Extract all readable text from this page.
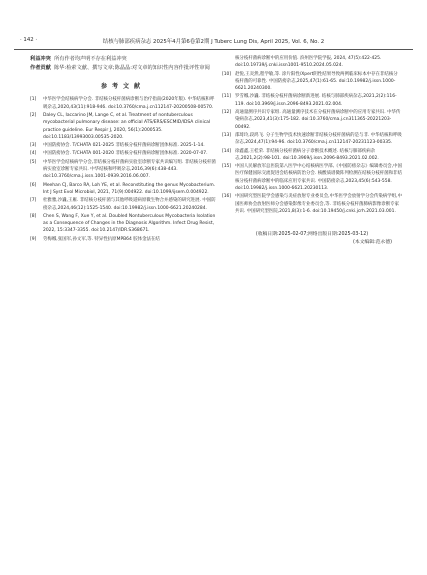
· 142 ·	结核与肺部疾病杂志 2025年4月第6卷第2期 J Tuberc Lung Dis, April 2025, Vol. 6, No. 2

利益冲突 所有作者均声明不存在利益冲突

作者贡献 陈华:检索文献、撰写文章;陈晶晶:对文章的知识性内容作批评性审阅

参考文献
[1] 中华医学会结核病学分会. 非结核分枝杆菌病诊断与治疗指南(2020年版). 中华结核和呼吸杂志,2020,43(11):918-946. doi:10.3760/cma.j.cn112147-20200508-00570.
[2] Daley CL, Iaccarino JM, Lange C, et al. Treatment of nontuberculous mycobacterial pulmonary disease: an official ATS/ERS/ESCMID/IDSA clinical practice guideline. Eur Respir J, 2020, 56(1):2000535. doi:10.1183/13993003.00535-2020.
[3] 中国防痨协会. T/CHATA 021-2025 非结核分枝杆菌病诊断团体标准. 2025-1-14.
[4] 中国防痨协会. T/CHATA 001-2020 非结核分枝杆菌病诊断团体标准. 2020-07-07.
[5] 中华医学会结核病学分会,非结核分枝杆菌病实验室诊断专家共识编写组. 非结核分枝杆菌病实验室诊断专家共识. 中华结核和呼吸杂志,2016,39(6):438-443. doi:10.3760/cma.j.issn.1001-0939.2016.06.007.
[6] Meehan CJ, Barco RA, Loh YE, et al. Reconstituting the genus Mycobacterium. Int J Syst Evol Microbiol, 2021, 71(9):004922. doi:10.1099/ijsem.0.004922.
[7] 杜雅雅,沙巍,王雁. 非结核分枝杆菌与其他呼吸道病原微生物合并感染的研究进展. 中国防痨杂志,2024,46(12):1525-1540. doi:10.19982/j.issn.1000-6621.20240284.
[8] Chen S, Wang F, Xue Y, et al. Doubled Nontuberculous Mycobacteria Isolation as a Consequence of Changes in the Diagnosis Algorithm. Infect Drug Resist, 2022, 15:3347-3355. doi:10.2147/IDR.S368671.
[9] 劳梅娜,张国军,孙文军,等. 特异性抗原MPB64 胶体金法在结
核分枝杆菌病诊断中的应用价值. 滨州医学院学报, 2024, 47(5):422-425. doi:10.19739/j.cnki.issn1001-9510.2024.05.024.
[10] 赵悦,王炎然,程学敏,等. 涂片阳性/Xpert阴性结果导致两例临床标本中存在非结核分枝杆菌的可靠性. 中国防痨杂志,2025,47(1):61-65. doi:10.19982/j.issn.1000-6621.20240300.
[11] 罗雪娜,沙巍. 非结核分枝杆菌病诊断新进展. 结核与肺部疾病杂志,2021,2(2):116-119. doi:10.3969/j.issn.2096-8493.2021.02.004.
[12] 高通量测序共识专家组. 高通量测序技术在分枝杆菌病诊断中的应用专家共识. 中华传染病杂志,2023,41(3):175-182. doi:10.3760/cma.j.cn311365-20221203-00492.
[13] 邵琦玲,段鸿飞. 分子生物学技术快速诊断非结核分枝杆菌病的是与非. 中华结核和呼吸杂志,2024,47(1):94-96. doi:10.3760/cma.j.cn112147-20231123-00335.
[14] 徐鑫鑫,王桂荣. 非结核分枝杆菌病分子诊断技术概述. 结核与肺部疾病杂志,2021,2(2):98-101. doi:10.3969/j.issn.2096-8493.2021.02.002.
[15] 中国人民解放军总医院第八医学中心结核病医学部,《中国防痨杂志》编辑委员会,中国医疗保健国际交流促进会结核病防治分会. 核酸质谱微阵列检测在结核分枝杆菌和非结核分枝杆菌病诊断中的临床应用专家共识. 中国防痨杂志,2023,45(6):543-558. doi:10.19982/j.issn.1000-6621.20230113.
[16] 中国研究型医院学会感染与炎症放射专业委员会,中华医学会放射学分会传染病学组,中国医师协会放射医师分会感染影像专业委员会,等. 非结核分枝杆菌肺病影像诊断专家共识. 中国研究型医院,2021,8(3):1-6. doi:10.19450/j.cnki.jcrh.2021.03.001.
(收稿日期:2025-02-07;网络出版日期:2025-03-12)
(本文编辑:范永德)
